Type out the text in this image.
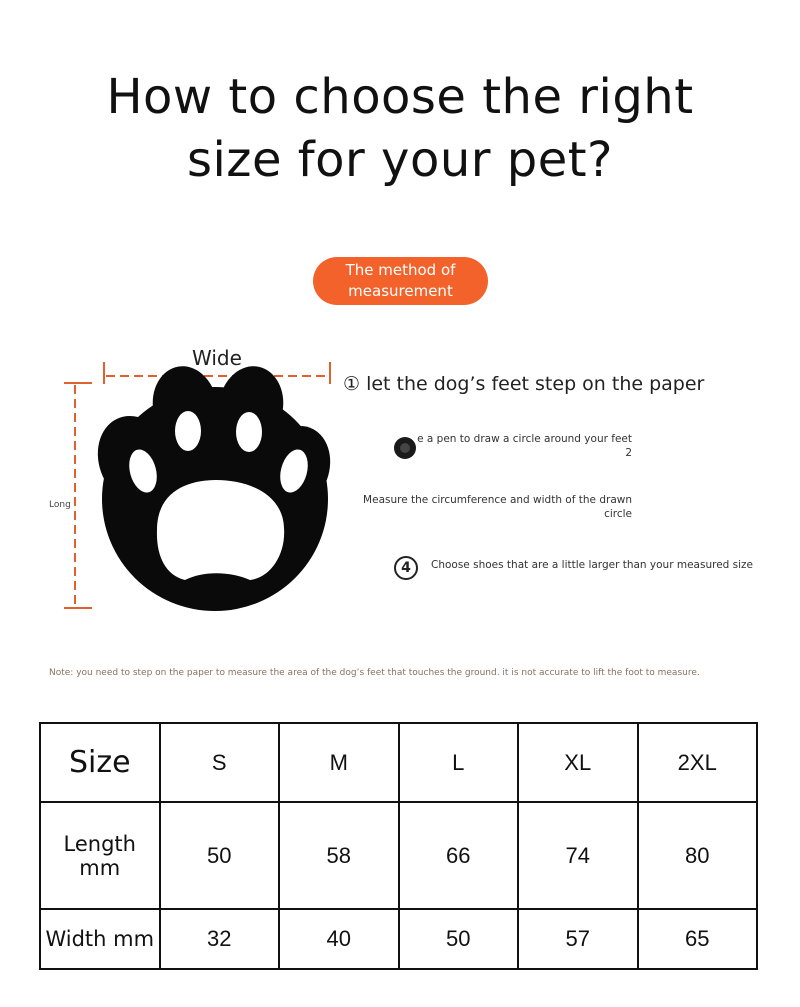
How to choose the right
size for your pet?
The method of
measurement
Wide
Long
① let the dog’s feet step on the paper
e a pen to draw a circle around your feet
2
Measure the circumference and width of the drawn
circle
4	Choose shoes that are a little larger than your measured size
Note: you need to step on the paper to measure the area of the dog’s feet that touches the ground. it is not accurate to lift the foot to measure.
Size	S	M	L	XL	2XL
Length mm	50	58	66	74	80
Width mm	32	40	50	57	65
